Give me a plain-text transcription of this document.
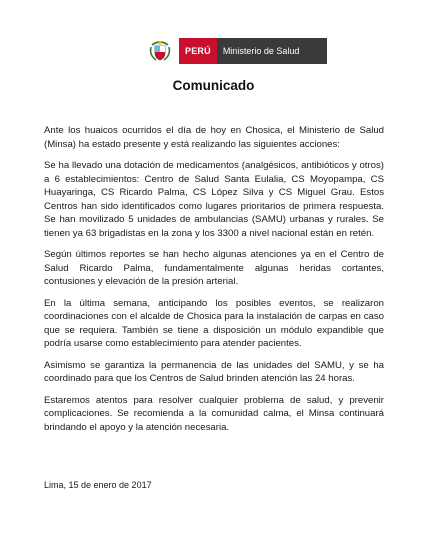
PERÚ	Ministerio de Salud
Comunicado

Ante los huaicos ocurridos el día de hoy en Chosica, el Ministerio de Salud (Minsa) ha estado presente y está realizando las siguientes acciones:

Se ha llevado una dotación de medicamentos (analgésicos, antibióticos y otros) a 6 establecimientos: Centro de Salud Santa Eulalia, CS Moyopampa, CS Huayaringa, CS Ricardo Palma, CS López Silva y CS Miguel Grau. Estos Centros han sido identificados como lugares prioritarios de primera respuesta. Se han movilizado 5 unidades de ambulancias (SAMU) urbanas y rurales. Se tienen ya 63 brigadistas en la zona y los 3300 a nivel nacional están en retén.

Según últimos reportes se han hecho algunas atenciones ya en el Centro de Salud Ricardo Palma, fundamentalmente algunas heridas cortantes, contusiones y elevación de la presión arterial.

En la última semana, anticipando los posibles eventos, se realizaron coordinaciones con el alcalde de Chosica para la instalación de carpas en caso que se requiera. También se tiene a disposición un módulo expandible que podría usarse como establecimiento para atender pacientes.

Asimismo se garantiza la permanencia de las unidades del SAMU, y se ha coordinado para que los Centros de Salud brinden atención las 24 horas.

Estaremos atentos para resolver cualquier problema de salud, y prevenir complicaciones. Se recomienda a la comunidad calma, el Minsa continuará brindando el apoyo y la atención necesaria.

Lima, 15 de enero de 2017
